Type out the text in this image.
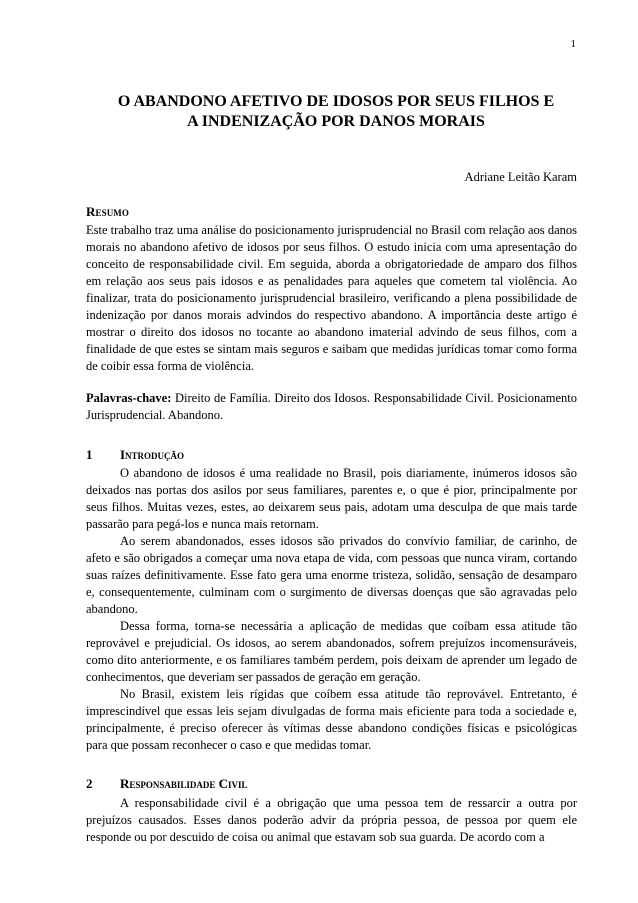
1
O ABANDONO AFETIVO DE IDOSOS POR SEUS FILHOS E
A INDENIZAÇÃO POR DANOS MORAIS
Adriane Leitão Karam
Resumo

Este trabalho traz uma análise do posicionamento jurisprudencial no Brasil com relação aos danos morais no abandono afetivo de idosos por seus filhos. O estudo inicia com uma apresentação do conceito de responsabilidade civil. Em seguida, aborda a obrigatoriedade de amparo dos filhos em relação aos seus pais idosos e as penalidades para aqueles que cometem tal violência. Ao finalizar, trata do posicionamento jurisprudencial brasileiro, verificando a plena possibilidade de indenização por danos morais advindos do respectivo abandono. A importância deste artigo é mostrar o direito dos idosos no tocante ao abandono imaterial advindo de seus filhos, com a finalidade de que estes se sintam mais seguros e saibam que medidas jurídicas tomar como forma de coibir essa forma de violência.

Palavras-chave: Direito de Família. Direito dos Idosos. Responsabilidade Civil. Posicionamento Jurisprudencial. Abandono.

1 Introdução

O abandono de idosos é uma realidade no Brasil, pois diariamente, inúmeros idosos são deixados nas portas dos asilos por seus familiares, parentes e, o que é pior, principalmente por seus filhos. Muitas vezes, estes, ao deixarem seus pais, adotam uma desculpa de que mais tarde passarão para pegá-los e nunca mais retornam.

Ao serem abandonados, esses idosos são privados do convívio familiar, de carinho, de afeto e são obrigados a começar uma nova etapa de vida, com pessoas que nunca viram, cortando suas raízes definitivamente. Esse fato gera uma enorme tristeza, solidão, sensação de desamparo e, consequentemente, culminam com o surgimento de diversas doenças que são agravadas pelo abandono.

Dessa forma, torna-se necessária a aplicação de medidas que coíbam essa atitude tão reprovável e prejudicial. Os idosos, ao serem abandonados, sofrem prejuízos incomensuráveis, como dito anteriormente, e os familiares também perdem, pois deixam de aprender um legado de conhecimentos, que deveriam ser passados de geração em geração.

No Brasil, existem leis rígidas que coíbem essa atitude tão reprovável. Entretanto, é imprescindível que essas leis sejam divulgadas de forma mais eficiente para toda a sociedade e, principalmente, é preciso oferecer às vítimas desse abandono condições físicas e psicológicas para que possam reconhecer o caso e que medidas tomar.

2 Responsabilidade Civil

A responsabilidade civil é a obrigação que uma pessoa tem de ressarcir a outra por prejuízos causados. Esses danos poderão advir da própria pessoa, de pessoa por quem ele responde ou por descuido de coisa ou animal que estavam sob sua guarda. De acordo com a
